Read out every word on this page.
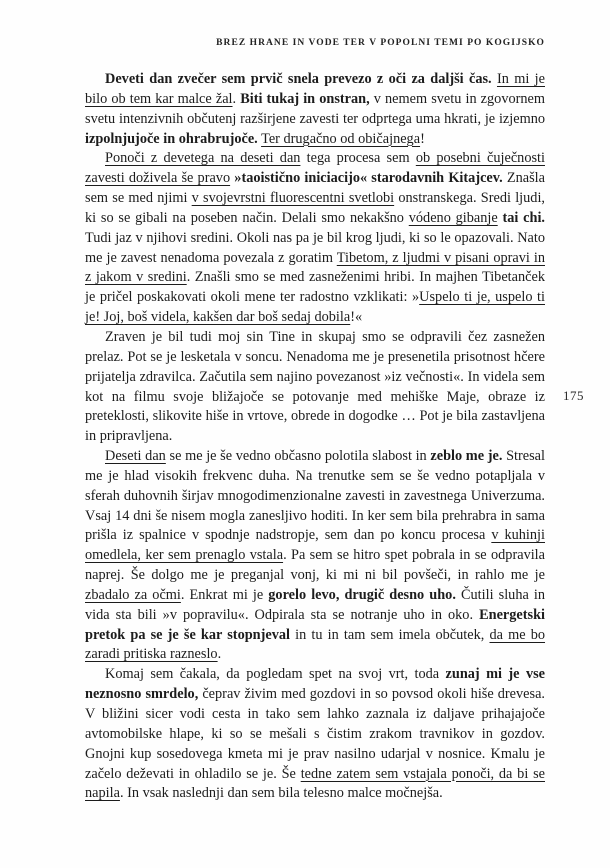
BREZ HRANE IN VODE TER V POPOLNI TEMI PO KOGIJSKO

Deveti dan zvečer sem prvič snela prevezo z oči za daljši čas. In mi je bilo ob tem kar malce žal. Biti tukaj in onstran, v nemem svetu in zgovornem svetu intenzivnih občutenj razširjene zavesti ter odprtega uma hkrati, je izjemno izpolnjujoče in ohrabrujoče. Ter drugačno od običajnega!

Ponoči z devetega na deseti dan tega procesa sem ob posebni čuječnosti zavesti doživela še pravo »taoistično iniciacijo« starodavnih Kitajcev. Znašla sem se med njimi v svojevrstni fluorescentni svetlobi onstranskega. Sredi ljudi, ki so se gibali na poseben način. Delali smo nekakšno vódeno gibanje tai chi. Tudi jaz v njihovi sredini. Okoli nas pa je bil krog ljudi, ki so le opazovali. Nato me je zavest nenadoma povezala z goratim Tibetom, z ljudmi v pisani opravi in z jakom v sredini. Znašli smo se med zasneženimi hribi. In majhen Tibetanček je pričel poskakovati okoli mene ter radostno vzklikati: »Uspelo ti je, uspelo ti je! Joj, boš videla, kakšen dar boš sedaj dobila!«

Zraven je bil tudi moj sin Tine in skupaj smo se odpravili čez zasnežen prelaz. Pot se je lesketala v soncu. Nenadoma me je presenetila prisotnost hčere prijatelja zdravilca. Začutila sem najino povezanost »iz večnosti«. In videla sem kot na filmu svoje bližajoče se potovanje med mehiške Maje, obraze iz preteklosti, slikovite hiše in vrtove, obrede in dogodke … Pot je bila zastavljena in pripravljena.

Deseti dan se me je še vedno občasno polotila slabost in zeblo me je. Stresal me je hlad visokih frekvenc duha. Na trenutke sem se še vedno potapljala v sferah duhovnih širjav mnogodimenzionalne zavesti in zavestnega Univerzuma. Vsaj 14 dni še nisem mogla zanesljivo hoditi. In ker sem bila prehrabra in sama prišla iz spalnice v spodnje nadstropje, sem dan po koncu procesa v kuhinji omedlela, ker sem prenaglo vstala. Pa sem se hitro spet pobrala in se odpravila naprej. Še dolgo me je preganjal vonj, ki mi ni bil povšeči, in rahlo me je zbadalo za očmi. Enkrat mi je gorelo levo, drugič desno uho. Čutili sluha in vida sta bili »v popravilu«. Odpirala sta se notranje uho in oko. Energetski pretok pa se je še kar stopnjeval in tu in tam sem imela občutek, da me bo zaradi pritiska razneslo.

Komaj sem čakala, da pogledam spet na svoj vrt, toda zunaj mi je vse neznosno smrdelo, čeprav živim med gozdovi in so povsod okoli hiše drevesa. V bližini sicer vodi cesta in tako sem lahko zaznala iz daljave prihajajoče avtomobilske hlape, ki so se mešali s čistim zrakom travnikov in gozdov. Gnojni kup sosedovega kmeta mi je prav nasilno udarjal v nosnice. Kmalu je začelo deževati in ohladilo se je. Še tedne zatem sem vstajala ponoči, da bi se napila. In vsak naslednji dan sem bila telesno malce močnejša.

175
